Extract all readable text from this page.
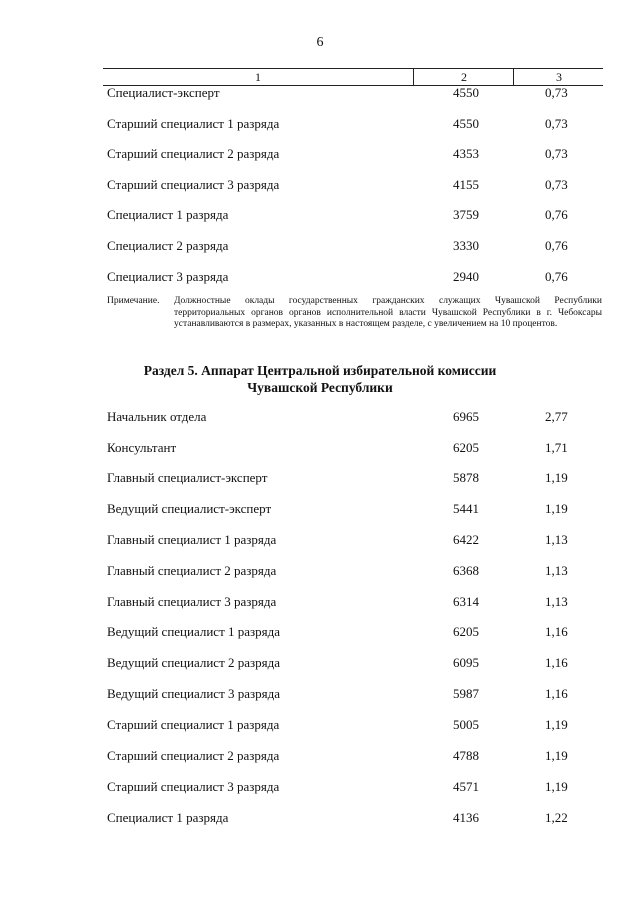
6
1	2	3
Специалист-эксперт	4550	0,73
Старший специалист 1 разряда	4550	0,73
Старший специалист 2 разряда	4353	0,73
Старший специалист 3 разряда	4155	0,73
Специалист 1 разряда	3759	0,76
Специалист 2 разряда	3330	0,76
Специалист 3 разряда	2940	0,76
Примечание. Должностные оклады государственных гражданских служащих Чувашской Республики территориальных органов органов исполнительной власти Чувашской Республики в г. Чебоксары устанавливаются в размерах, указанных в настоящем разделе, с увеличением на 10 процентов.
Раздел 5. Аппарат Центральной избирательной комиссии
Чувашской Республики
Начальник отдела	6965	2,77
Консультант	6205	1,71
Главный специалист-эксперт	5878	1,19
Ведущий специалист-эксперт	5441	1,19
Главный специалист 1 разряда	6422	1,13
Главный специалист 2 разряда	6368	1,13
Главный специалист 3 разряда	6314	1,13
Ведущий специалист 1 разряда	6205	1,16
Ведущий специалист 2 разряда	6095	1,16
Ведущий специалист 3 разряда	5987	1,16
Старший специалист 1 разряда	5005	1,19
Старший специалист 2 разряда	4788	1,19
Старший специалист 3 разряда	4571	1,19
Специалист 1 разряда	4136	1,22
